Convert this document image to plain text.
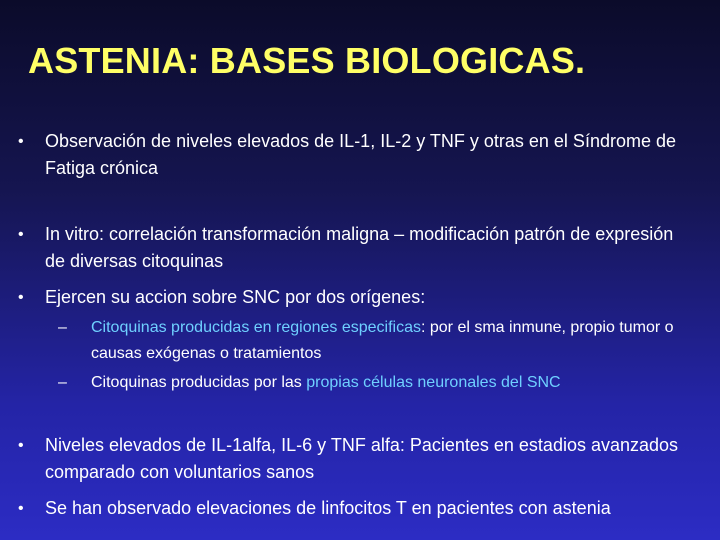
ASTENIA: BASES BIOLOGICAS.
•	Observación de niveles elevados de IL-1, IL-2 y TNF y otras en el Síndrome de Fatiga crónica
•	In vitro: correlación transformación maligna – modificación patrón de expresión de diversas citoquinas
•	Ejercen su accion sobre SNC por dos orígenes:
– Citoquinas producidas en regiones especificas: por el sma inmune, propio tumor o causas exógenas o tratamientos
– Citoquinas producidas por las propias células neuronales del SNC
•	Niveles elevados de IL-1alfa, IL-6 y TNF alfa: Pacientes en estadios avanzados comparado con voluntarios sanos
•	Se han observado elevaciones de linfocitos T en pacientes con astenia
